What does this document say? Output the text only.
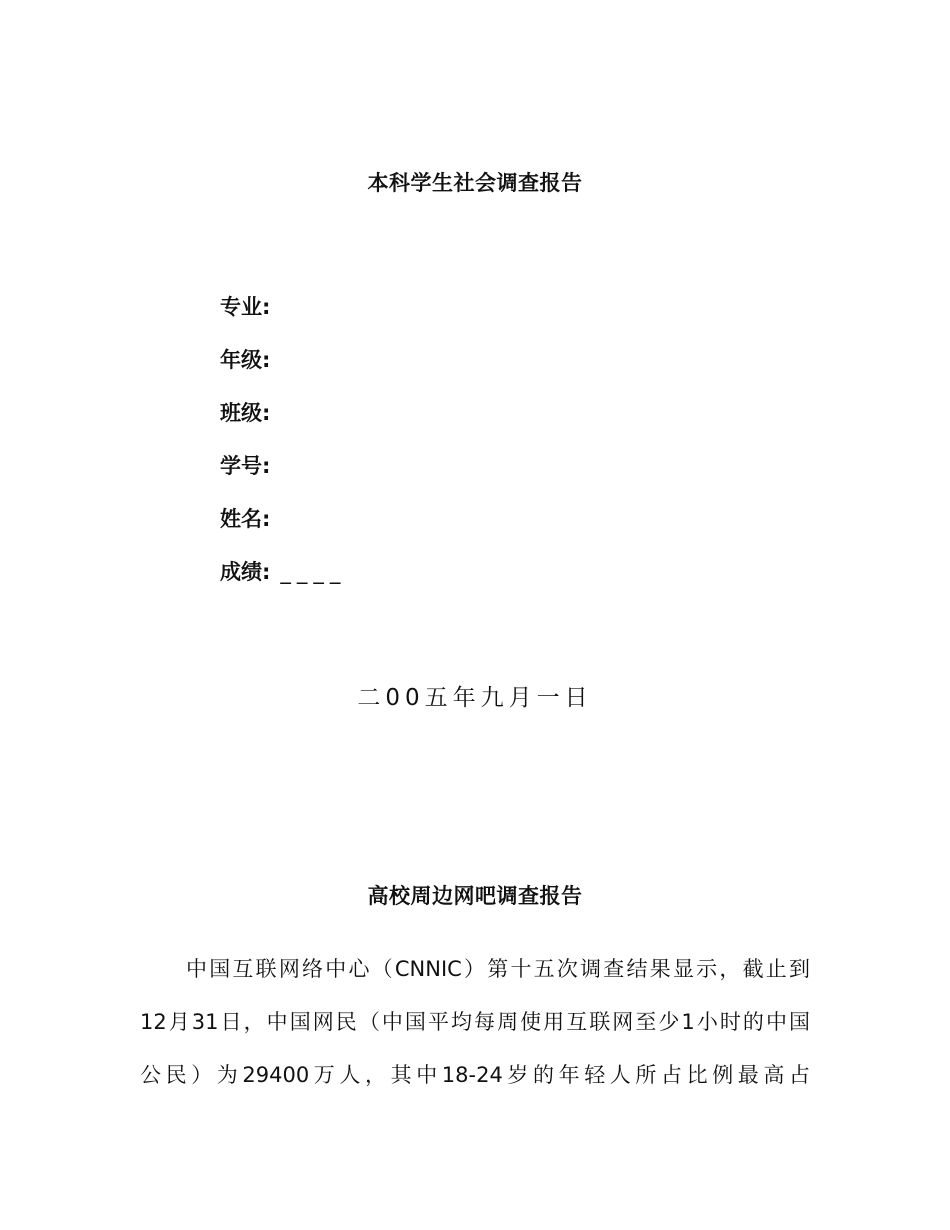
本科学生社会调查报告
专业:
年级:
班级:
学号:
姓名:
成绩: ____
二00五年九月一日
高校周边网吧调查报告
中国互联网络中心（CNNIC）第十五次调查结果显示，截止到
12月31日，中国网民（中国平均每周使用互联网至少1小时的中国
公民）为29400万人，其中18-24岁的年轻人所占比例最高占
